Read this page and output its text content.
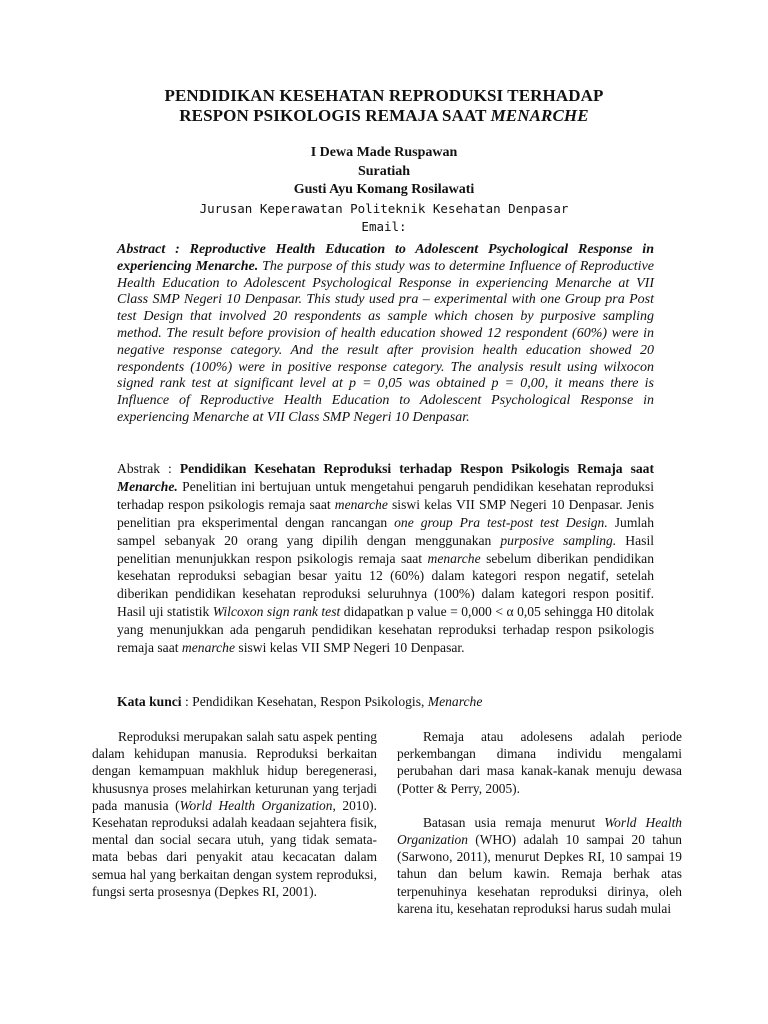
PENDIDIKAN KESEHATAN REPRODUKSI TERHADAP
RESPON PSIKOLOGIS REMAJA SAAT MENARCHE
I Dewa Made Ruspawan
Suratiah
Gusti Ayu Komang Rosilawati
Jurusan Keperawatan Politeknik Kesehatan Denpasar
Email:
Abstract : Reproductive Health Education to Adolescent Psychological Response in experiencing Menarche. The purpose of this study was to determine Influence of Reproductive Health Education to Adolescent Psychological Response in experiencing Menarche at VII Class SMP Negeri 10 Denpasar. This study used pra – experimental with one Group pra Post test Design that involved 20 respondents as sample which chosen by purposive sampling method. The result before provision of health education showed 12 respondent (60%) were in negative response category. And the result after provision health education showed 20 respondents (100%) were in positive response category. The analysis result using wilxocon signed rank test at significant level at p = 0,05 was obtained p = 0,00, it means there is Influence of Reproductive Health Education to Adolescent Psychological Response in experiencing Menarche at VII Class SMP Negeri 10 Denpasar.
Abstrak : Pendidikan Kesehatan Reproduksi terhadap Respon Psikologis Remaja saat Menarche. Penelitian ini bertujuan untuk mengetahui pengaruh pendidikan kesehatan reproduksi terhadap respon psikologis remaja saat menarche siswi kelas VII SMP Negeri 10 Denpasar. Jenis penelitian pra eksperimental dengan rancangan one group Pra test-post test Design. Jumlah sampel sebanyak 20 orang yang dipilih dengan menggunakan purposive sampling. Hasil penelitian menunjukkan respon psikologis remaja saat menarche sebelum diberikan pendidikan kesehatan reproduksi sebagian besar yaitu 12 (60%) dalam kategori respon negatif, setelah diberikan pendidikan kesehatan reproduksi seluruhnya (100%) dalam kategori respon positif. Hasil uji statistik Wilcoxon sign rank test didapatkan p value = 0,000 < α 0,05 sehingga H0 ditolak yang menunjukkan ada pengaruh pendidikan kesehatan reproduksi terhadap respon psikologis remaja saat menarche siswi kelas VII SMP Negeri 10 Denpasar.
Kata kunci : Pendidikan Kesehatan, Respon Psikologis, Menarche

Reproduksi merupakan salah satu aspek penting dalam kehidupan manusia. Reproduksi berkaitan dengan kemampuan makhluk hidup beregenerasi, khususnya proses melahirkan keturunan yang terjadi pada manusia (World Health Organization, 2010). Kesehatan reproduksi adalah keadaan sejahtera fisik, mental dan social secara utuh, yang tidak semata-mata bebas dari penyakit atau kecacatan dalam semua hal yang berkaitan dengan system reproduksi, fungsi serta prosesnya (Depkes RI, 2001).

Remaja atau adolesens adalah periode perkembangan dimana individu mengalami perubahan dari masa kanak-kanak menuju dewasa (Potter & Perry, 2005).

Batasan usia remaja menurut World Health Organization (WHO) adalah 10 sampai 20 tahun (Sarwono, 2011), menurut Depkes RI, 10 sampai 19 tahun dan belum kawin. Remaja berhak atas terpenuhinya kesehatan reproduksi dirinya, oleh karena itu, kesehatan reproduksi harus sudah mulai
